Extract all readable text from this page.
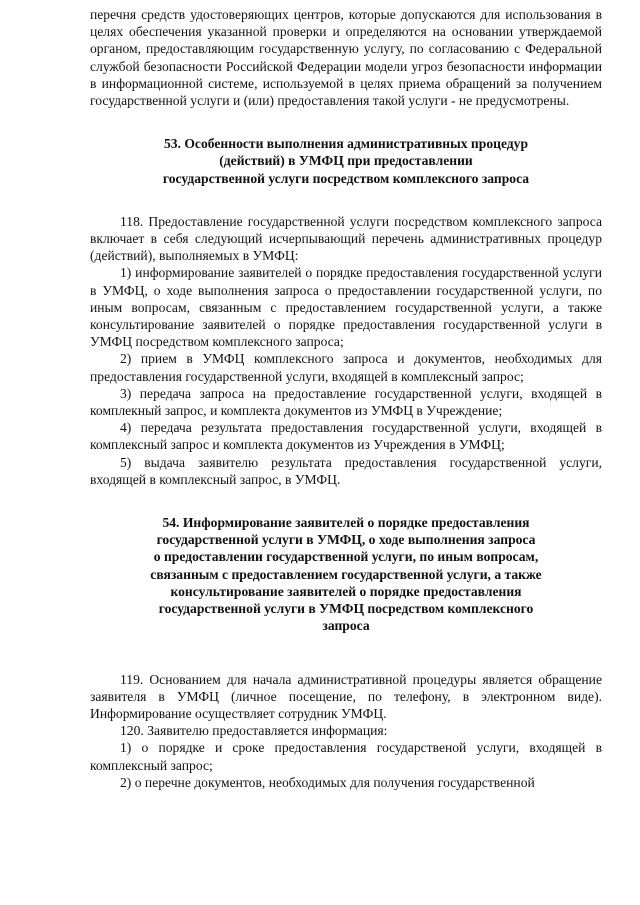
перечня средств удостоверяющих центров, которые допускаются для использования в целях обеспечения указанной проверки и определяются на основании утверждаемой органом, предоставляющим государственную услугу, по согласованию с Федеральной службой безопасности Российской Федерации модели угроз безопасности информации в информационной системе, используемой в целях приема обращений за получением государственной услуги и (или) предоставления такой услуги - не предусмотрены.

53. Особенности выполнения административных процедур

(действий) в УМФЦ при предоставлении

государственной услуги посредством комплексного запроса

118. Предоставление государственной услуги посредством комплексного запроса включает в себя следующий исчерпывающий перечень административных процедур (действий), выполняемых в УМФЦ:

1) информирование заявителей о порядке предоставления государственной услуги в УМФЦ, о ходе выполнения запроса о предоставлении государственной услуги, по иным вопросам, связанным с предоставлением государственной услуги, а также консультирование заявителей о порядке предоставления государственной услуги в УМФЦ посредством комплексного запроса;

2) прием в УМФЦ комплексного запроса и документов, необходимых для предоставления государственной услуги, входящей в комплексный запрос;

3) передача запроса на предоставление государственной услуги, входящей в комплекный запрос, и комплекта документов из УМФЦ в Учреждение;

4) передача результата предоставления государственной услуги, входящей в комплексный запрос и комплекта документов из Учреждения в УМФЦ;

5) выдача заявителю результата предоставления государственной услуги, входящей в комплексный запрос, в УМФЦ.

54. Информирование заявителей о порядке предоставления

государственной услуги в УМФЦ, о ходе выполнения запроса

о предоставлении государственной услуги, по иным вопросам,

связанным с предоставлением государственной услуги, а также

консультирование заявителей о порядке предоставления

государственной услуги в УМФЦ посредством комплексного

запроса

119. Основанием для начала административной процедуры является обращение заявителя в УМФЦ (личное посещение, по телефону, в электронном виде). Информирование осуществляет сотрудник УМФЦ.

120. Заявителю предоставляется информация:

1) о порядке и сроке предоставления государственой услуги, входящей в комплексный запрос;

2) о перечне документов, необходимых для получения государственной
